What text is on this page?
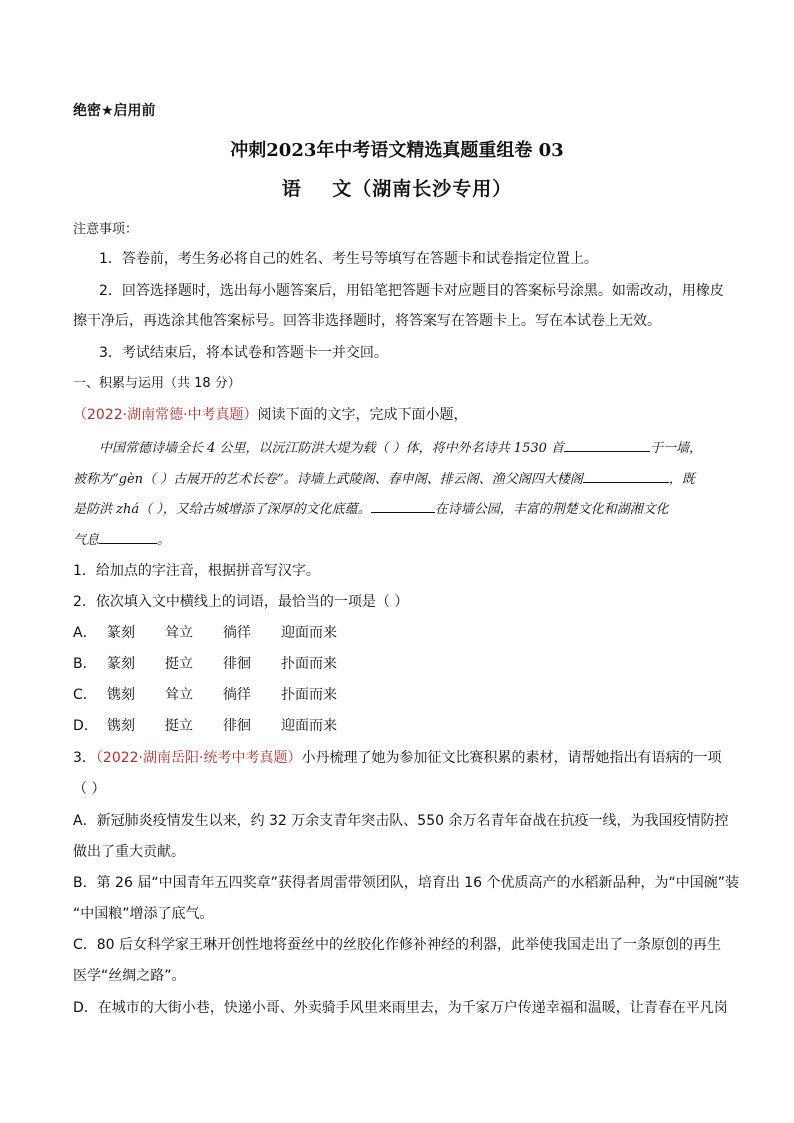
绝密★启用前
冲刺2023年中考语文精选真题重组卷 03
语    文（湖南长沙专用）
注意事项：
1．答卷前，考生务必将自己的姓名、考生号等填写在答题卡和试卷指定位置上。
2．回答选择题时，选出每小题答案后，用铅笔把答题卡对应题目的答案标号涂黑。如需改动，用橡皮
擦干净后，再选涂其他答案标号。回答非选择题时，将答案写在答题卡上。写在本试卷上无效。
3．考试结束后，将本试卷和答题卡一并交回。
一、积累与运用（共 18 分）
（2022·湖南常德·中考真题）阅读下面的文字，完成下面小题，
中国常德诗墙全长 4 公里，以沅江防洪大堤为载（ ）体，将中外名诗共 1530 首	于一墙，
被称为“gèn（ ）古展开的艺术长卷”。诗墙上武陵阁、春申阁、排云阁、渔父阁四大楼阁	，既
是防洪 zhá（ ），又给古城增添了深厚的文化底蕴。	在诗墙公园，丰富的荆楚文化和湖湘文化
气息	。
1．给加点的字注音，根据拼音写汉字。
2．依次填入文中横线上的词语，最恰当的一项是（ ）
A． 篆刻 耸立 徜徉 迎面而来
B． 篆刻 挺立 徘徊 扑面而来
C． 镌刻 耸立 徜徉 扑面而来
D． 镌刻 挺立 徘徊 迎面而来
3．（2022·湖南岳阳·统考中考真题）小丹梳理了她为参加征文比赛积累的素材，请帮她指出有语病的一项
（ ）
A．新冠肺炎疫情发生以来，约 32 万余支青年突击队、550 余万名青年奋战在抗疫一线，为我国疫情防控
做出了重大贡献。
B．第 26 届“中国青年五四奖章”获得者周雷带领团队，培育出 16 个优质高产的水稻新品种，为“中国碗”装
“中国粮”增添了底气。
C．80 后女科学家王琳开创性地将蚕丝中的丝胶化作修补神经的利器，此举使我国走出了一条原创的再生
医学“丝绸之路”。
D．在城市的大街小巷，快递小哥、外卖骑手风里来雨里去，为千家万户传递幸福和温暖，让青春在平凡岗
